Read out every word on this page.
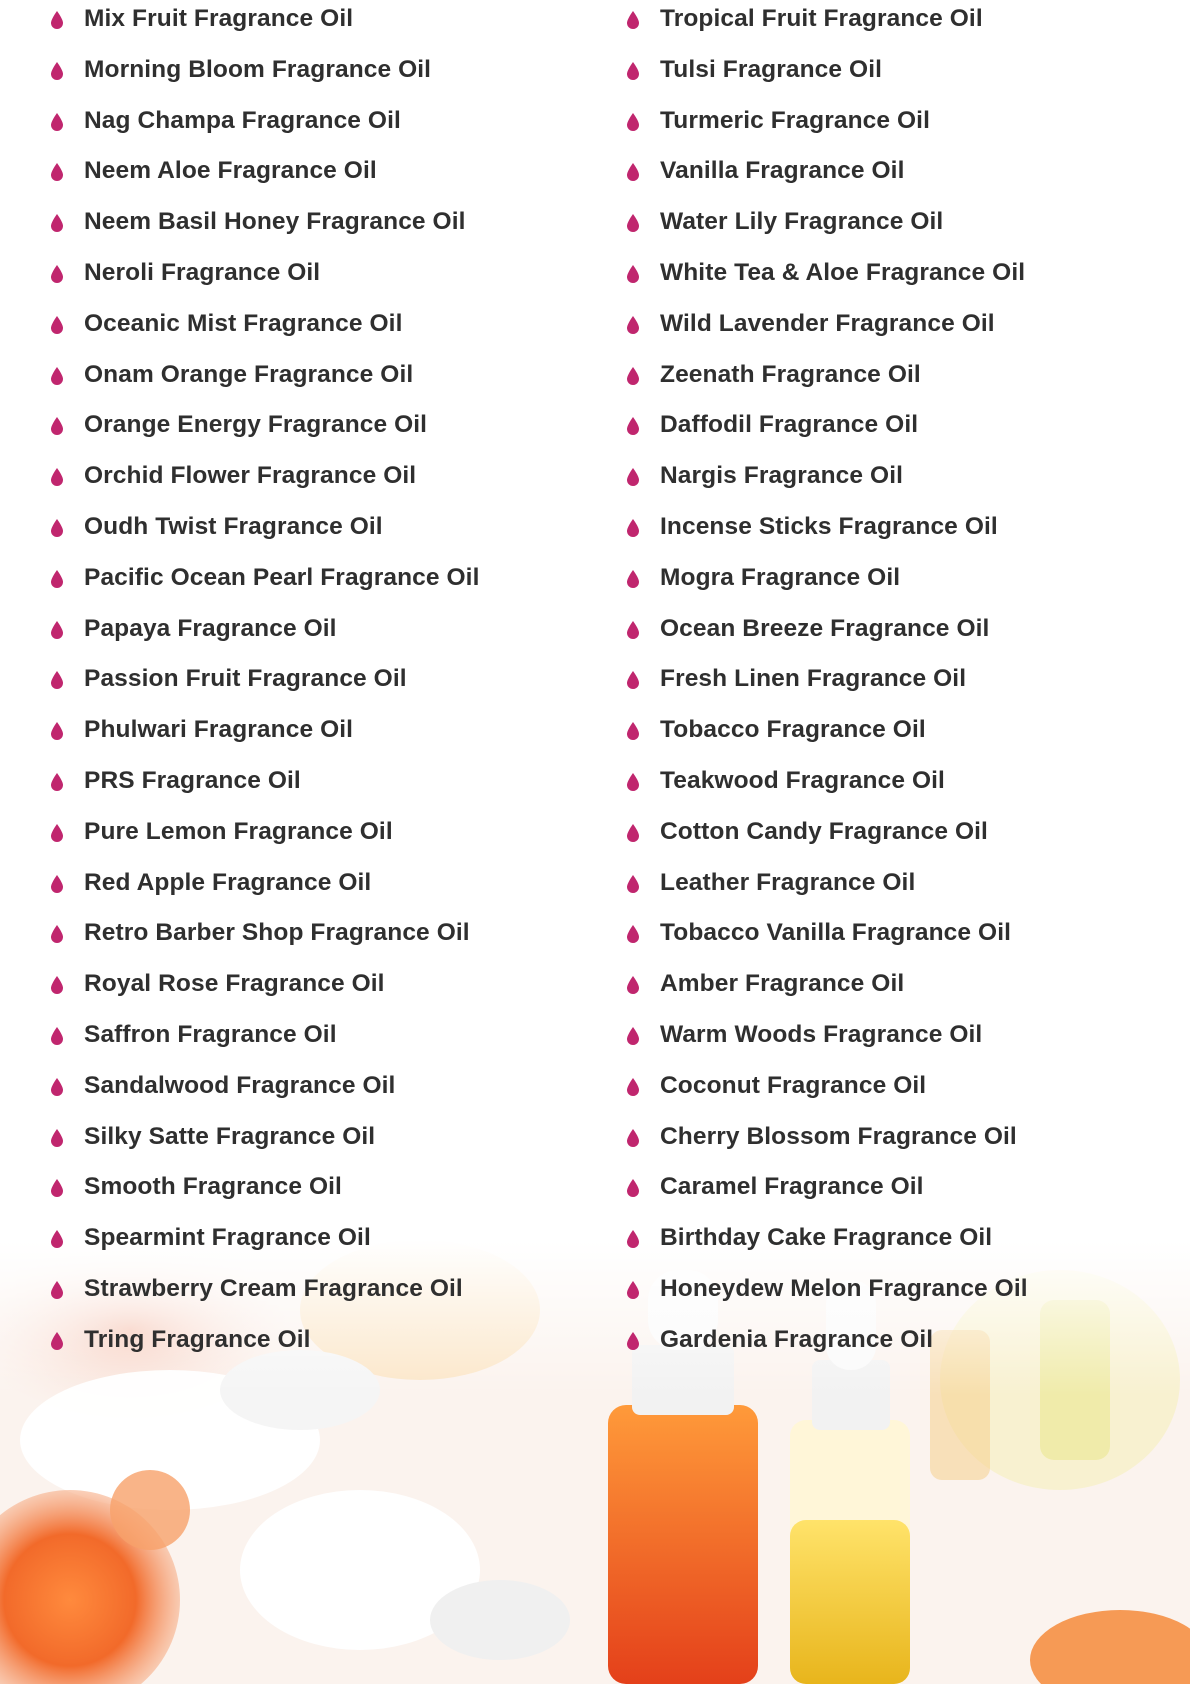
Mix Fruit Fragrance Oil
Morning Bloom Fragrance Oil
Nag Champa Fragrance Oil
Neem Aloe Fragrance Oil
Neem Basil Honey Fragrance Oil
Neroli Fragrance Oil
Oceanic Mist Fragrance Oil
Onam Orange Fragrance Oil
Orange Energy Fragrance Oil
Orchid Flower Fragrance Oil
Oudh Twist Fragrance Oil
Pacific Ocean Pearl Fragrance Oil
Papaya Fragrance Oil
Passion Fruit Fragrance Oil
Phulwari Fragrance Oil
PRS Fragrance Oil
Pure Lemon Fragrance Oil
Red Apple Fragrance Oil
Retro Barber Shop Fragrance Oil
Royal Rose Fragrance Oil
Saffron Fragrance Oil
Sandalwood Fragrance Oil
Silky Satte Fragrance Oil
Smooth Fragrance Oil
Spearmint Fragrance Oil
Strawberry Cream Fragrance Oil
Tring Fragrance Oil
Tropical Fruit Fragrance Oil
Tulsi Fragrance Oil
Turmeric Fragrance Oil
Vanilla Fragrance Oil
Water Lily Fragrance Oil
White Tea & Aloe Fragrance Oil
Wild Lavender Fragrance Oil
Zeenath Fragrance Oil
Daffodil Fragrance Oil
Nargis Fragrance Oil
Incense Sticks Fragrance Oil
Mogra Fragrance Oil
Ocean Breeze Fragrance Oil
Fresh Linen Fragrance Oil
Tobacco Fragrance Oil
Teakwood Fragrance Oil
Cotton Candy Fragrance Oil
Leather Fragrance Oil
Tobacco Vanilla Fragrance Oil
Amber Fragrance Oil
Warm Woods Fragrance Oil
Coconut Fragrance Oil
Cherry Blossom Fragrance Oil
Caramel Fragrance Oil
Birthday Cake Fragrance Oil
Honeydew Melon Fragrance Oil
Gardenia Fragrance Oil
